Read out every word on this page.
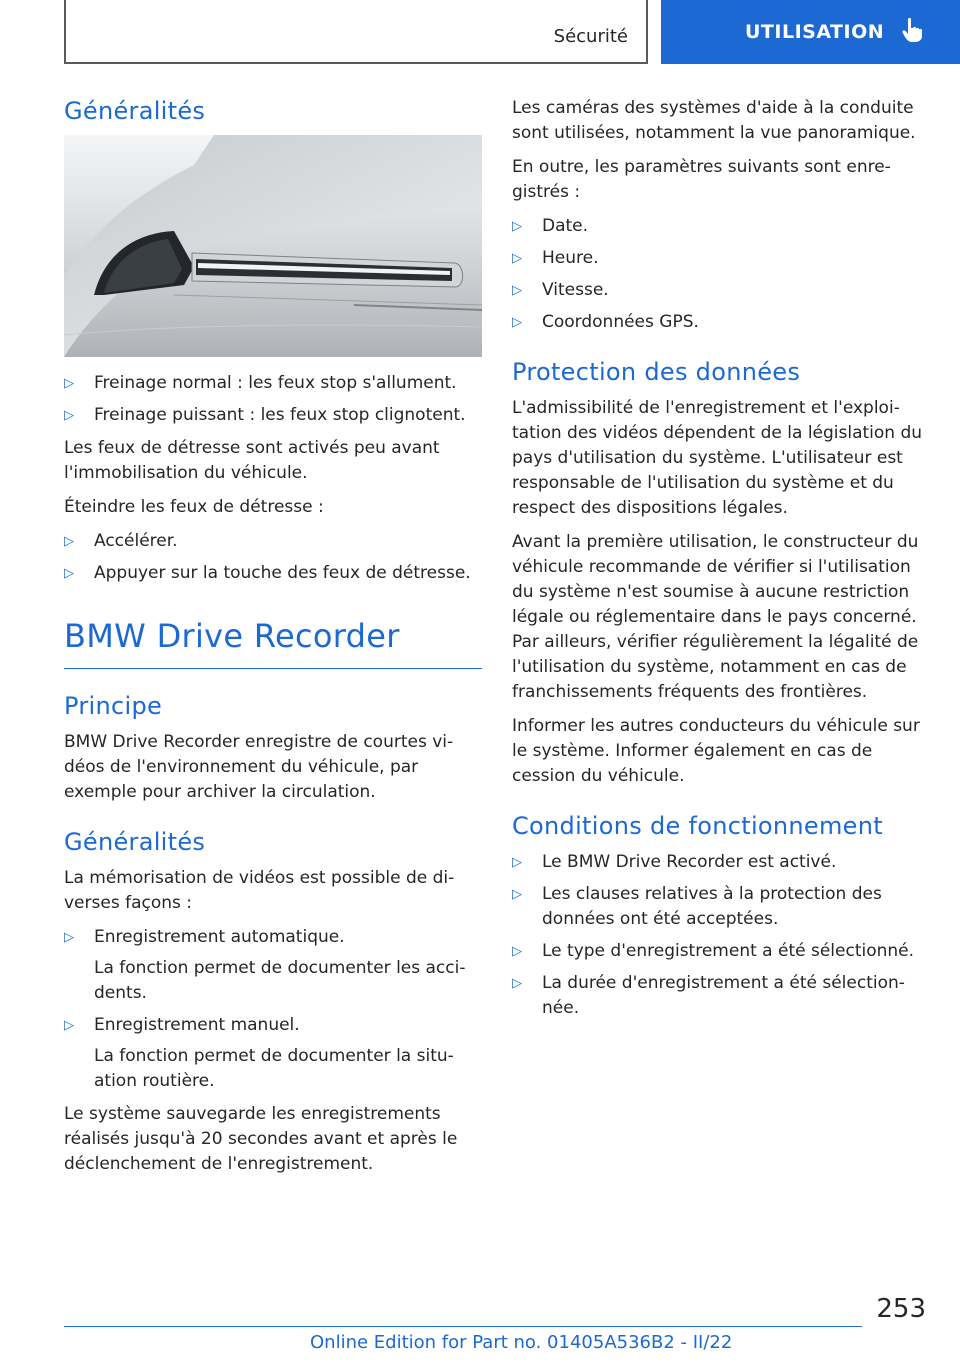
Sécurité	UTILISATION
Généralités
▷ Freinage normal : les feux stop s'allument.
▷ Freinage puissant : les feux stop clignotent.

Les feux de détresse sont activés peu avant l'immobilisation du véhicule.

Éteindre les feux de détresse :

▷ Accélérer.
▷ Appuyer sur la touche des feux de détresse.
BMW Drive Recorder
Principe

BMW Drive Recorder enregistre de courtes vidéos de l'environnement du véhicule, par exemple pour archiver la circulation.

Généralités

La mémorisation de vidéos est possible de diverses façons :

▷ Enregistrement automatique.
La fonction permet de documenter les accidents.
▷ Enregistrement manuel.
La fonction permet de documenter la situation routière.

Le système sauvegarde les enregistrements réalisés jusqu'à 20 secondes avant et après le déclenchement de l'enregistrement.

Les caméras des systèmes d'aide à la conduite sont utilisées, notamment la vue panoramique.

En outre, les paramètres suivants sont enregistrés :

▷ Date.
▷ Heure.
▷ Vitesse.
▷ Coordonnées GPS.
Protection des données

L'admissibilité de l'enregistrement et l'exploitation des vidéos dépendent de la législation du pays d'utilisation du système. L'utilisateur est responsable de l'utilisation du système et du respect des dispositions légales.

Avant la première utilisation, le constructeur du véhicule recommande de vérifier si l'utilisation du système n'est soumise à aucune restriction légale ou réglementaire dans le pays concerné. Par ailleurs, vérifier régulièrement la légalité de l'utilisation du système, notamment en cas de franchissements fréquents des frontières.

Informer les autres conducteurs du véhicule sur le système. Informer également en cas de cession du véhicule.

Conditions de fonctionnement
▷ Le BMW Drive Recorder est activé.
▷ Les clauses relatives à la protection des données ont été acceptées.
▷ Le type d'enregistrement a été sélectionné.
▷ La durée d'enregistrement a été sélectionnée.
253
Online Edition for Part no. 01405A536B2 - II/22
